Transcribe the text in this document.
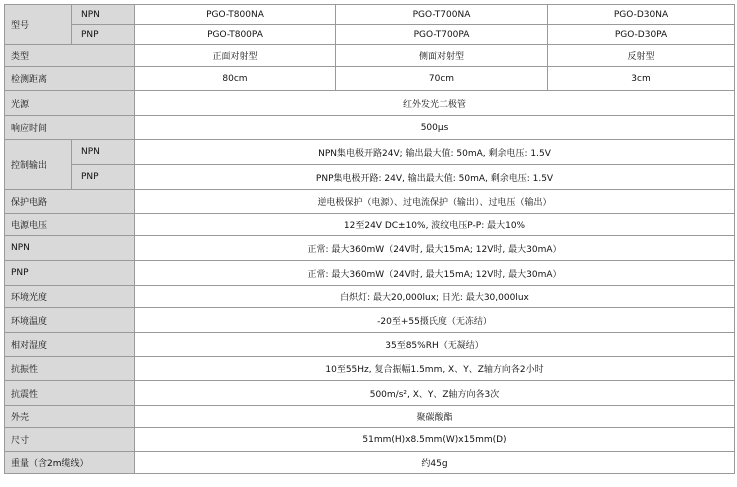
型号	NPN	PGO-T800NA	PGO-T700NA	PGO-D30NA
	PNP	PGO-T800PA	PGO-T700PA	PGO-D30PA
类型		正面对射型	侧面对射型	反射型
检测距离		80cm	70cm	3cm
光源		红外发光二极管		
响应时间		500μs		
控制输出	NPN	NPN集电极开路24V; 输出最大值: 50mA, 剩余电压: 1.5V		
	PNP	PNP集电极开路: 24V, 输出最大值: 50mA, 剩余电压: 1.5V		
保护电路		逆电极保护（电源）、过电流保护（输出）、过电压（输出）		
电源电压		12至24V DC±10%, 波纹电压P-P: 最大10%		
NPN		正常: 最大360mW（24V时, 最大15mA; 12V时, 最大30mA）		
PNP		正常: 最大360mW（24V时, 最大15mA; 12V时, 最大30mA）		
环境光度		白炽灯: 最大20,000lux; 日光: 最大30,000lux		
环境温度		-20至+55摄氏度（无冻结）		
相对湿度		35至85%RH（无凝结）		
抗振性		10至55Hz, 复合振幅1.5mm, X、Y、Z轴方向各2小时		
抗震性		500m/s², X、Y、Z轴方向各3次		
外壳		聚碳酸酯		
尺寸		51mm(H)x8.5mm(W)x15mm(D)		
重量（含2m缆线）		约45g		
